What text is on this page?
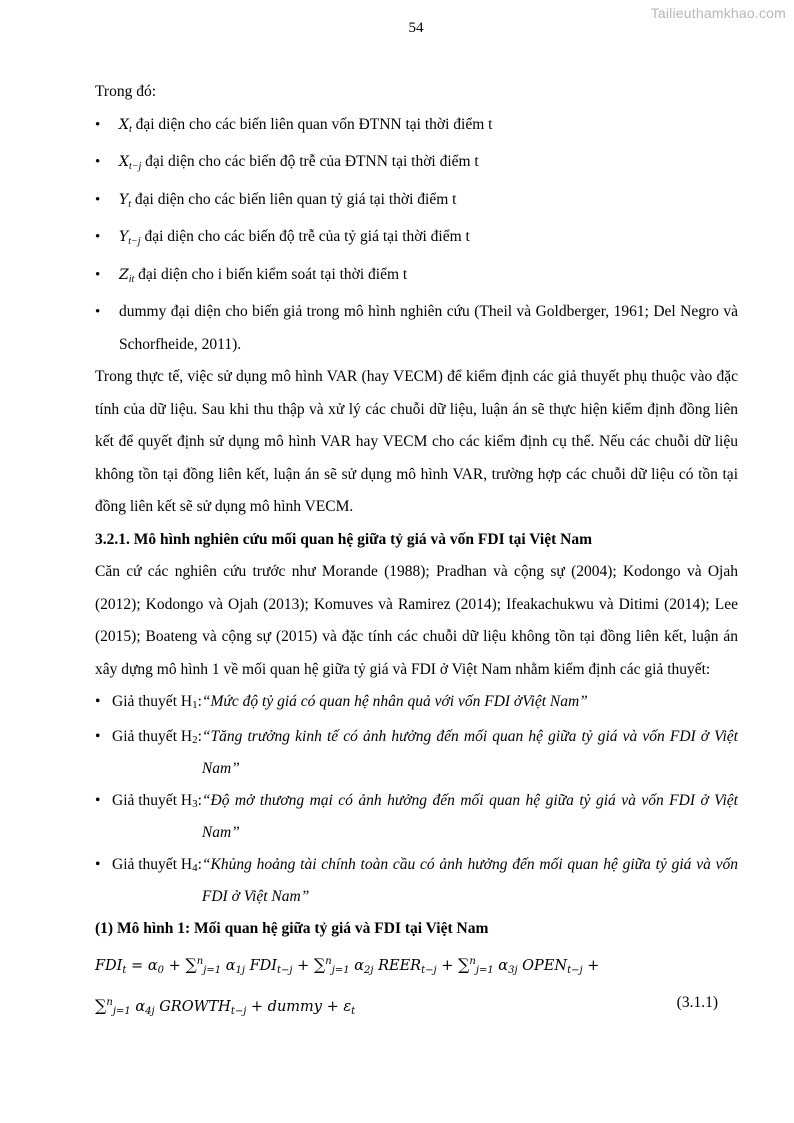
Tailieuthamkhao.com
54

Trong đó:

• $X_t$ đại diện cho các biến liên quan vốn ĐTNN tại thời điểm t
• $X_{t-j}$ đại diện cho các biến độ trễ của ĐTNN tại thời điểm t
• $Y_t$ đại diện cho các biến liên quan tỷ giá tại thời điểm t
• $Y_{t-j}$ đại diện cho các biến độ trễ của tỷ giá tại thời điểm t
• $Z_{it}$ đại diện cho i biến kiểm soát tại thời điểm t
• dummy đại diện cho biến giả trong mô hình nghiên cứu (Theil và Goldberger, 1961; Del Negro và Schorfheide, 2011).

Trong thực tế, việc sử dụng mô hình VAR (hay VECM) để kiểm định các giả thuyết phụ thuộc vào đặc tính của dữ liệu. Sau khi thu thập và xử lý các chuỗi dữ liệu, luận án sẽ thực hiện kiểm định đồng liên kết để quyết định sử dụng mô hình VAR hay VECM cho các kiểm định cụ thể. Nếu các chuỗi dữ liệu không tồn tại đồng liên kết, luận án sẽ sử dụng mô hình VAR, trường hợp các chuỗi dữ liệu có tồn tại đồng liên kết sẽ sử dụng mô hình VECM.

3.2.1. Mô hình nghiên cứu mối quan hệ giữa tỷ giá và vốn FDI tại Việt Nam

Căn cứ các nghiên cứu trước như Morande (1988); Pradhan và cộng sự (2004); Kodongo và Ojah (2012); Kodongo và Ojah (2013); Komuves và Ramirez (2014); Ifeakachukwu và Ditimi (2014); Lee (2015); Boateng và cộng sự (2015) và đặc tính các chuỗi dữ liệu không tồn tại đồng liên kết, luận án xây dựng mô hình 1 về mối quan hệ giữa tỷ giá và FDI ở Việt Nam nhằm kiểm định các giả thuyết:

• Giả thuyết H1: “Mức độ tỷ giá có quan hệ nhân quả với vốn FDI ởViệt Nam”
• Giả thuyết H2: “Tăng trưởng kinh tế có ảnh hưởng đến mối quan hệ giữa tỷ giá và vốn FDI ở Việt Nam”
• Giả thuyết H3: “Độ mở thương mại có ảnh hưởng đến mối quan hệ giữa tỷ giá và vốn FDI ở Việt Nam”
• Giả thuyết H4: “Khủng hoảng tài chính toàn cầu có ảnh hưởng đến mối quan hệ giữa tỷ giá và vốn FDI ở Việt Nam”

(1) Mô hình 1: Mối quan hệ giữa tỷ giá và FDI tại Việt Nam

$FDI_t = \alpha_0 + \sum^n_{j=1}$ $\alpha_{1j}$ $FDI_{t-j} + \sum^n_{j=1}$ $\alpha_{2j}$ $REER_{t-j} + \sum^n_{j=1}$ $\alpha_{3j}$ $OPEN_{t-j}$ +
∑$^n_{j=1}$ $\alpha_{4j}$ $GROWTH_{t-j}$ + dummy + $\varepsilon_t$
(3.1.1)
